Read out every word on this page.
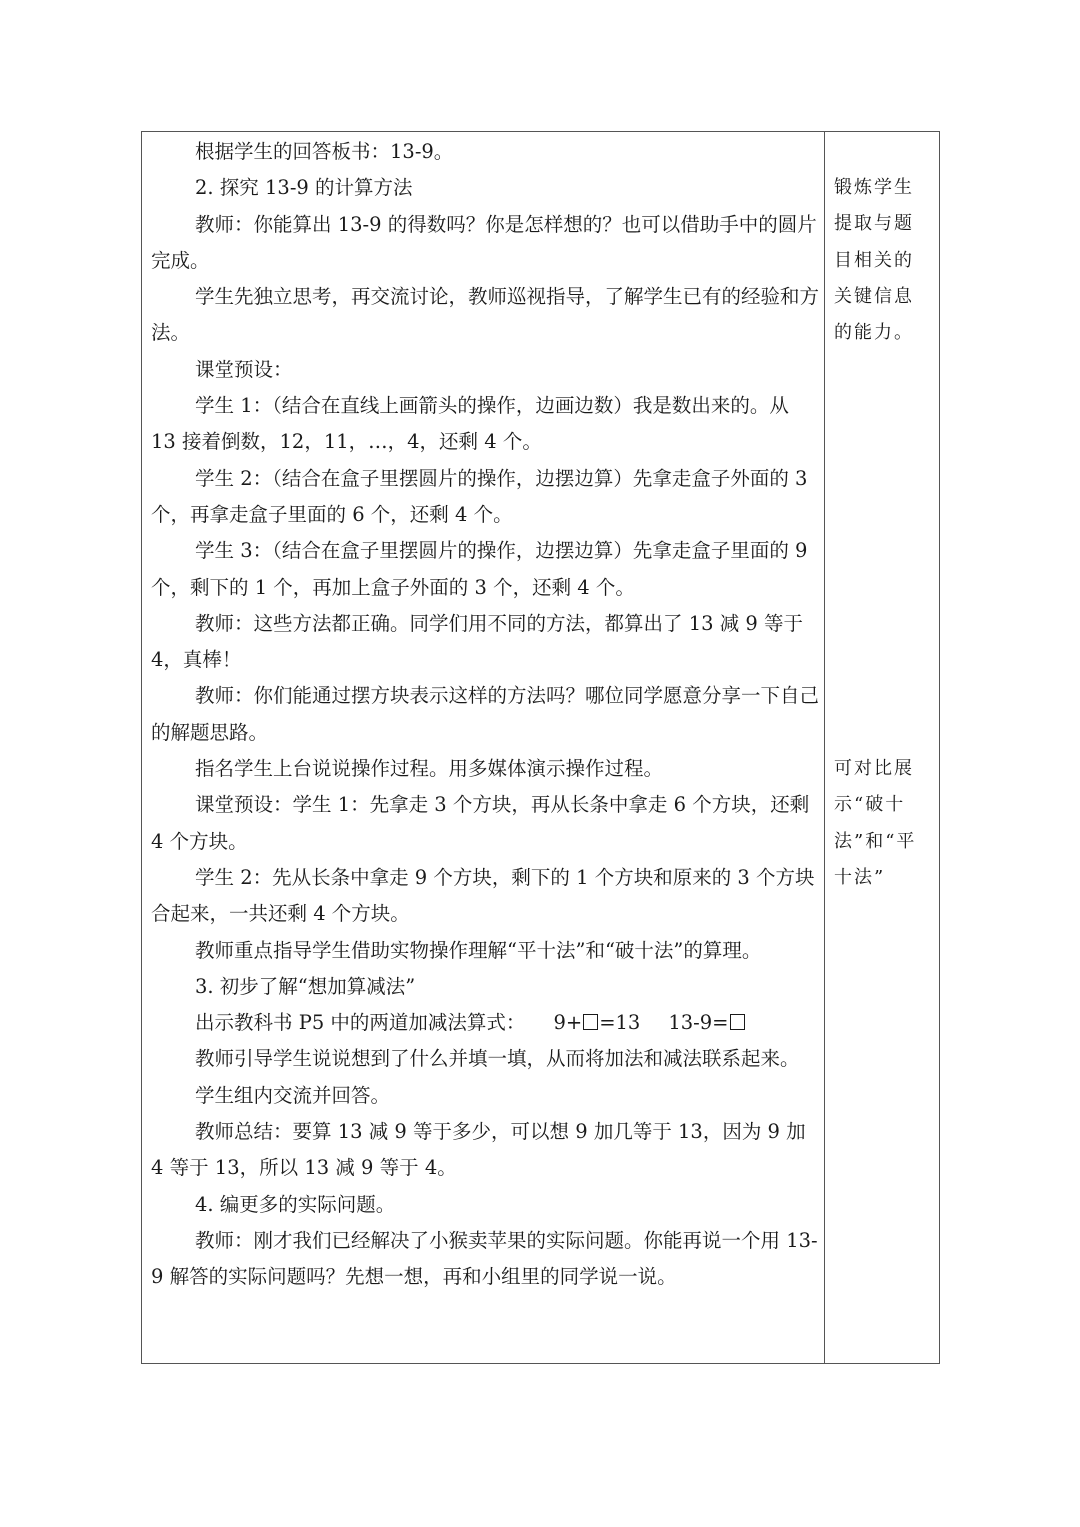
根据学生的回答板书：13-9。

2. 探究 13-9 的计算方法

教师：你能算出 13-9 的得数吗？你是怎样想的？也可以借助手中的圆片完成。

学生先独立思考，再交流讨论，教师巡视指导，了解学生已有的经验和方法。

课堂预设：

学生 1：（结合在直线上画箭头的操作，边画边数）我是数出来的。从 13 接着倒数，12，11，…，4，还剩 4 个。

学生 2：（结合在盒子里摆圆片的操作，边摆边算）先拿走盒子外面的 3 个，再拿走盒子里面的 6 个，还剩 4 个。

学生 3：（结合在盒子里摆圆片的操作，边摆边算）先拿走盒子里面的 9 个，剩下的 1 个，再加上盒子外面的 3 个，还剩 4 个。

教师：这些方法都正确。同学们用不同的方法，都算出了 13 减 9 等于 4，真棒！

教师：你们能通过摆方块表示这样的方法吗？哪位同学愿意分享一下自己的解题思路。

指名学生上台说说操作过程。用多媒体演示操作过程。

课堂预设：学生 1：先拿走 3 个方块，再从长条中拿走 6 个方块，还剩 4 个方块。

学生 2：先从长条中拿走 9 个方块，剩下的 1 个方块和原来的 3 个方块合起来，一共还剩 4 个方块。

教师重点指导学生借助实物操作理解“平十法”和“破十法”的算理。

3. 初步了解“想加算减法”

出示教科书 P5 中的两道加减法算式： 9+ =13 13-9=

教师引导学生说说想到了什么并填一填，从而将加法和减法联系起来。

学生组内交流并回答。

教师总结：要算 13 减 9 等于多少，可以想 9 加几等于 13，因为 9 加 4 等于 13，所以 13 减 9 等于 4。

4. 编更多的实际问题。

教师：刚才我们已经解决了小猴卖苹果的实际问题。你能再说一个用 13-9 解答的实际问题吗？先想一想，再和小组里的同学说一说。

锻炼学生提取与题目相关的关键信息的能力。
可对比展示“破十法”和“平十法”
